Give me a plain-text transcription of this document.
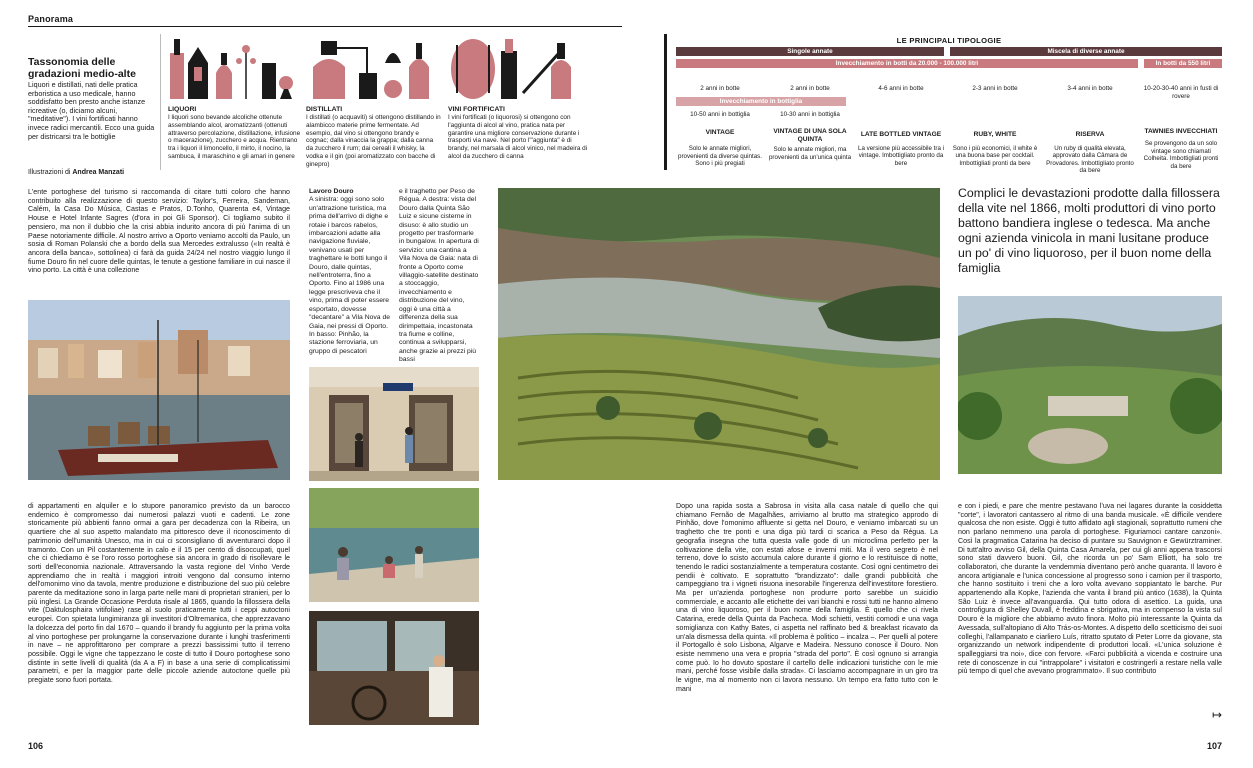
Panorama
Tassonomia delle gradazioni medio-alte
Liquori e distillati, nati delle pratica erboristica a uso medicale, hanno soddisfatto ben presto anche istanze ricreative (o, diciamo alcuni, "meditative"). I vini fortificati hanno invece radici mercantili. Ecco una guida per districarsi tra le bottiglie
Illustrazioni di Andrea Manzati
LIQUORI
I liquori sono bevande alcoliche ottenute assemblando alcol, aromatizzanti (ottenuti attraverso percolazione, distillazione, infusione o macerazione), zucchero e acqua. Rientrano tra i liquori il limoncello, il mirto, il nocino, la sambuca, il maraschino e gli amari in genere
DISTILLATI
I distillati (o acquaviti) si ottengono distillando in alambicco materie prime fermentate. Ad esempio, dal vino si ottengono brandy e cognac; dalla vinaccia la grappa; dalla canna da zucchero il rum; dai cereali il whisky, la vodka e il gin (poi aromatizzato con bacche di ginepro)
VINI FORTIFICATI
I vini fortificati (o liquorosi) si ottengono con l'aggiunta di alcol al vino, pratica nata per garantire una migliore conservazione durante i trasporti via nave. Nel porto l'"aggiunta" è di brandy, nel marsala di alcol vinico, nel madeira di alcol da zucchero di canna
L'ente portoghese del turismo si raccomanda di citare tutti coloro che hanno contribuito alla realizzazione di questo servizio: Taylor's, Ferreira, Sandeman, Calém, la Casa Do Música, Castas e Pratos, D.Tonho, Quarenta e4, Vintage House e Hotel Infante Sagres (d'ora in poi Gli Sponsor). Ci togliamo subito il pensiero, ma non il dubbio che la crisi abbia indurito ancora di più l'anima di un Paese notoriamente difficile. Al nostro arrivo a Oporto veniamo accolti da Paulo, un sosia di Roman Polanski che a bordo della sua Mercedes extralusso («In realtà è ancora della banca», sottolinea) ci farà da guida 24/24 nel nostro viaggio lungo il fiume Douro fin nel cuore delle quintas, le tenute a gestione familiare in cui nasce il vino porto. La città è una collezione
di appartamenti en alquiler e lo stupore panoramico previsto da un barocco endemico è compromesso dai numerosi palazzi vuoti e cadenti. Le zone storicamente più abbienti fanno ormai a gara per decadenza con la Ribeira, un quartiere che al suo aspetto malandato ma pittoresco deve il riconoscimento di patrimonio dell'umanità Unesco, ma in cui ci sconsigliano di avventurarci dopo il tramonto. Con un Pil costantemente in calo e il 15 per cento di disoccupati, quel che ci chiediamo è se l'oro rosso portoghese sia ancora in grado di risollevare le sorti dell'economia nazionale. Attraversando la vasta regione del Vinho Verde apprendiamo che in realtà i maggiori introiti vengono dal consumo interno dell'omonimo vino da tavola, mentre produzione e distribuzione del suo più celebre parente da meditazione sono in larga parte nelle mani di proprietari stranieri, per lo più inglesi. La Grande Occasione Perduta risale al 1865, quando la fillossera della vite (Daktulosphaira vitifoliae) rase al suolo praticamente tutti i ceppi autoctoni europei. Con spietata lungimiranza gli investitori d'Oltremanica, che apprezzavano la dolcezza del porto fin dal 1670 – quando il brandy fu aggiunto per la prima volta al vino portoghese per prolungarne la conservazione durante i lunghi trasferimenti in nave – ne approfittarono per comprare a prezzi bassissimi tutto il terreno possibile. Oggi le vigne che tappezzano le coste di tutto il Douro portoghese sono distinte in sette livelli di qualità (da A a F) in base a una serie di complicatissimi parametri, e per la maggior parte delle piccole aziende autoctone quelle più pregiate sono fuori portata.
106
Lavoro Douro
A sinistra: oggi sono solo un'attrazione turistica, ma prima dell'arrivo di dighe e rotaie i barcos rabelos, imbarcazioni adatte alla navigazione fluviale, venivano usati per traghettare le botti lungo il Douro, dalle quintas, nell'entroterra, fino a Oporto. Fino al 1986 una legge prescriveva che il vino, prima di poter essere esportato, dovesse "decantare" a Vila Nova de Gaia, nei pressi di Oporto. In basso: Pinhão, la stazione ferroviaria, un gruppo di pescatori
e il traghetto per Peso de Régua. A destra: vista del Douro dalla Quinta São Luiz e sicune cisterne in disuso: è allo studio un progetto per trasformarle in bungalow. In apertura di servizio: una cantina a Vila Nova de Gaia: nata di fronte a Oporto come villaggio-satellite destinato a stoccaggio, invecchiamento e distribuzione del vino, oggi è una città a differenza della sua dirimpettaia, incastonata tra fiume e colline, continua a svilupparsi, anche grazie ai prezzi più bassi
LE PRINCIPALI TIPOLOGIE
Singole annate	Miscela di diverse annate
Invecchiamento in botti da 20.000 - 100.000 litri	In botti da 550 litri
Invecchiamento in bottiglia
2 anni in botte
10-50 anni in bottiglia
VINTAGE
Solo le annate migliori, provenienti da diverse quintas. Sono i più pregiati
2 anni in botte
10-30 anni in bottiglia
VINTAGE DI UNA SOLA QUINTA
Solo le annate migliori, ma provenienti da un'unica quinta
4-6 anni in botte
LATE BOTTLED VINTAGE
La versione più accessibile tra i vintage. Imbottigliato pronto da bere
2-3 anni in botte
RUBY, WHITE
Sono i più economici, il white è una buona base per cocktail. Imbottigliati pronti da bere
3-4 anni in botte
RISERVA
Un ruby di qualità elevata, approvato dalla Câmara de Provadores. Imbottigliato pronto da bere
10-20-30-40 anni in fusti di rovere
TAWNIES INVECCHIATI
Se provengono da un solo vintage sono chiamati Colheita. Imbottigliati pronti da bere
Complici le devastazioni prodotte dalla fillossera della vite nel 1866, molti produttori di vino porto battono bandiera inglese o tedesca. Ma anche ogni azienda vinicola in mani lusitane produce un po' di vino liquoroso, per il buon nome della famiglia
Dopo una rapida sosta a Sabrosa in visita alla casa natale di quello che qui chiamano Fernão de Magalhães, arriviamo al brutto ma strategico approdo di Pinhão, dove l'omonimo affluente si getta nel Douro, e veniamo imbarcati su un traghetto che tre ponti e una diga più tardi ci scarica a Peso da Régua. La geografia insegna che tutta questa valle gode di un microclima perfetto per la coltivazione della vite, con estati afose e inverni miti. Ma il vero segreto è nel terreno, dove lo scisto accumula calore durante il giorno e lo restituisce di notte, tenendo le radici sostanzialmente a temperatura costante. Così ogni centimetro dei pendii è coltivato. E soprattutto "brandizzato": dalle grandi pubblicità che campeggiano tra i vigneti risuona inesorabile l'ingerenza dell'investitore forestiero. Ma per un'azienda portoghese non produrre porto sarebbe un suicidio commerciale, e accanto alle etichette dei vari bianchi e rossi tutti ne hanno almeno una di vino liquoroso, per il buon nome della famiglia. È quello che ci rivela Catarina, erede della Quinta da Pacheca. Modi schietti, vestiti comodi e una vaga somiglianza con Kathy Bates, ci aspetta nel raffinato bed & breakfast ricavato da un'ala dismessa della quinta. «Il problema è politico – incalza –. Per quelli al potere il Portogallo è solo Lisbona, Algarve e Madeira. Nessuno conosce il Douro. Non esiste nemmeno una vera e propria "strada del porto". È così ognuno si arrangia come può. Io ho dovuto spostare il cartello delle indicazioni turistiche con le mie mani, perché fosse visibile dalla strada». Ci lasciamo accompagnare in un giro tra le vigne, ma al momento non ci lavora nessuno. Un tempo era fatto tutto con le mani
e con i piedi, e pare che mentre pestavano l'uva nei lagares durante la cosiddetta "corte", i lavoratori cantassero al ritmo di una banda musicale. «È difficile vendere qualcosa che non esiste. Oggi è tutto affidato agli stagionali, soprattutto rumeni che non parlano nemmeno una parola di portoghese. Figuriamoci cantare canzoni». Così la pragmatica Catarina ha deciso di puntare su Sauvignon e Gewürztraminer. Di tutt'altro avviso Gil, della Quinta Casa Amarela, per cui gli anni appena trascorsi sono stati davvero buoni. Gil, che ricorda un po' Sam Elliott, ha solo tre collaboratori, che durante la vendemmia diventano però anche quaranta. Il lavoro è ancora artigianale e l'unica concessione al progresso sono i camion per il trasporto, che hanno sostituito i treni che a loro volta avevano soppiantato le barche. Pur appartenendo alla Kopke, l'azienda che vanta il brand più antico (1638), la Quinta São Luiz è invece all'avanguardia. Qui tutto odora di asettico. La guida, una controfigura di Shelley Duvall, è freddina e sbrigativa, ma in compenso la vista sul Douro è la migliore che abbiamo avuto finora. Molto più interessante la Quinta da Avessada, sull'altopiano di Alto Trás-os-Montes. A dispetto dello scetticismo dei suoi colleghi, l'allampanato e ciarliero Luís, ritratto sputato di Peter Lorre da giovane, sta organizzando un network indipendente di produttori locali. «L'unica soluzione è spalleggiarsi tra noi», dice con fervore. «Farci pubblicità a vicenda e costruire una rete di conoscenze in cui "intrappolare" i visitatori e costringerli a restare nella valle più tempo di quel che avevano programmato». Il suo contributo
↦
107
